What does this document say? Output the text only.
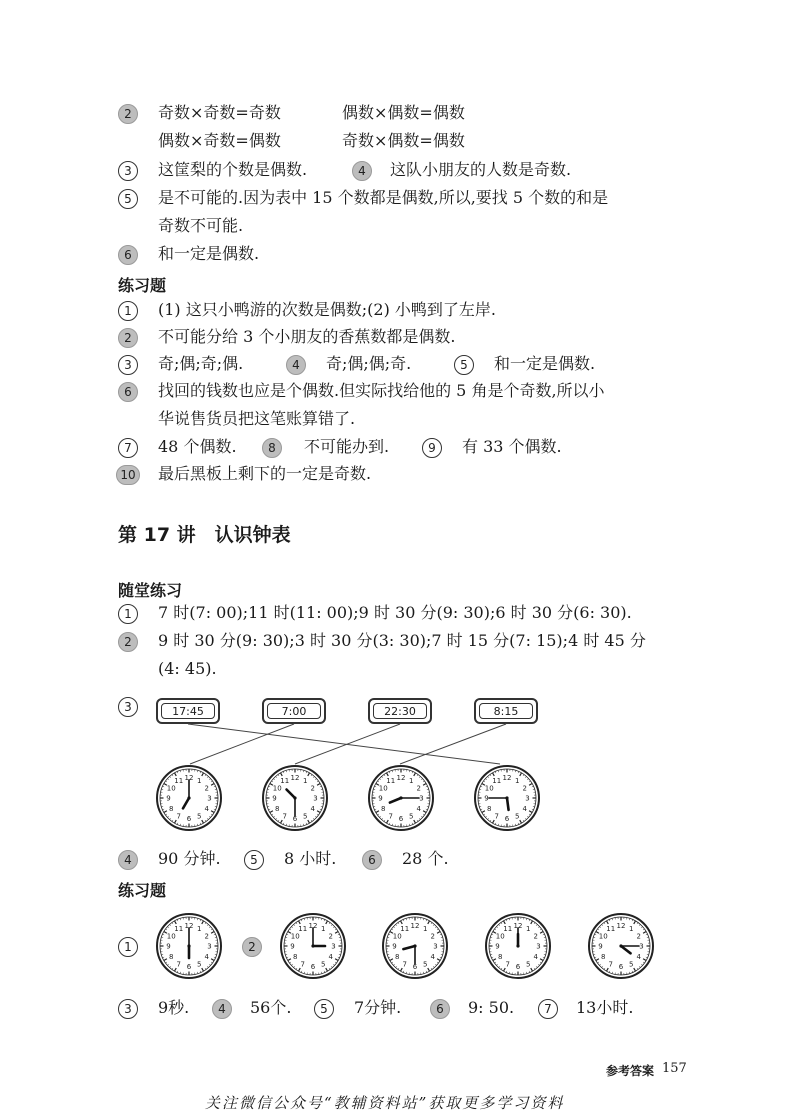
2	奇数×奇数=奇数	偶数×偶数=偶数
偶数×奇数=偶数	奇数×偶数=偶数
3	这筐梨的个数是偶数.	4	这队小朋友的人数是奇数.
5	是不可能的.因为表中 15 个数都是偶数,所以,要找 5 个数的和是
奇数不可能.
6	和一定是偶数.
练习题
1	(1) 这只小鸭游的次数是偶数;(2) 小鸭到了左岸.
2	不可能分给 3 个小朋友的香蕉数都是偶数.
3	奇;偶;奇;偶.	4	奇;偶;偶;奇.	5	和一定是偶数.
6	找回的钱数也应是个偶数.但实际找给他的 5 角是个奇数,所以小
华说售货员把这笔账算错了.
7	48 个偶数.	8	不可能办到.	9	有 33 个偶数.
10 最后黑板上剩下的一定是奇数.
第 17 讲　认识钟表
随堂练习
1	7 时(7: 00);11 时(11: 00);9 时 30 分(9: 30);6 时 30 分(6: 30).
2	9 时 30 分(9: 30);3 时 30 分(3: 30);7 时 15 分(7: 15);4 时 45 分
(4: 45).
3	17:45	7:00	22:30	8:15
1
2
3
4
5
6
7
8
9
10
11 12	1
2
3
4
5
6
7
8
9
10
11 12	1
2
3
4
5
6
7
8
9
10
11 12	1
2
3
4
5
6
7
8
9
10
11 12
4	90 分钟.	5	8 小时.	6	28 个.
练习题
1
1
2
3
4
5
6
7
8
9
10
11 12
2
1
2
3
4
5
6
7
8
9
10
11 12	1
2
3
4
5
6
7
8
9
10
11 12	1
2
3
4
5
6
7
8
9
10
11 12	1
2
3
4
5
6
7
8
9
10
11 12
3	9秒.	4	56个.	5	7分钟.	6	9: 50.	7	13小时.
参考答案 157
关注微信公众号“教辅资料站”获取更多学习资料
